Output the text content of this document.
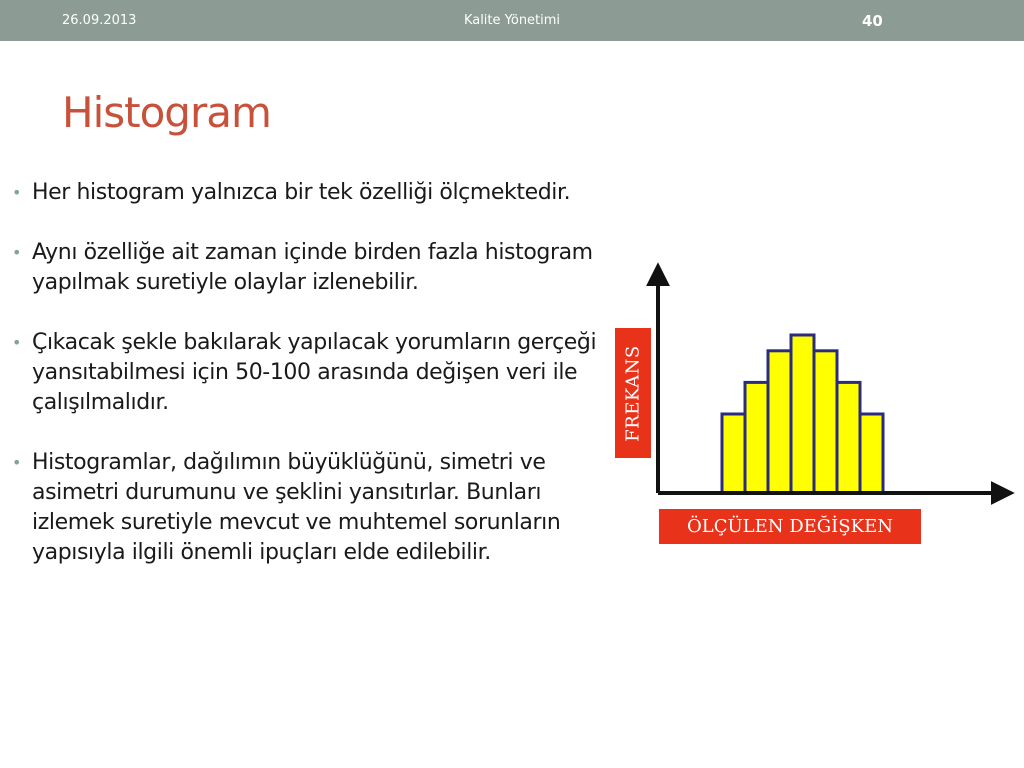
26.09.2013	Kalite Yönetimi	40
Histogram
• Her histogram yalnızca bir tek özelliği ölçmektedir.
• Aynı özelliğe ait zaman içinde birden fazla histogram yapılmak suretiyle olaylar izlenebilir.
• Çıkacak şekle bakılarak yapılacak yorumların gerçeği yansıtabilmesi için 50-100 arasında değişen veri ile çalışılmalıdır.
• Histogramlar, dağılımın büyüklüğünü, simetri ve asimetri durumunu ve şeklini yansıtırlar. Bunları izlemek suretiyle mevcut ve muhtemel sorunların yapısıyla ilgili önemli ipuçları elde edilebilir.
FREKANS
ÖLÇÜLEN DEĞİŞKEN
